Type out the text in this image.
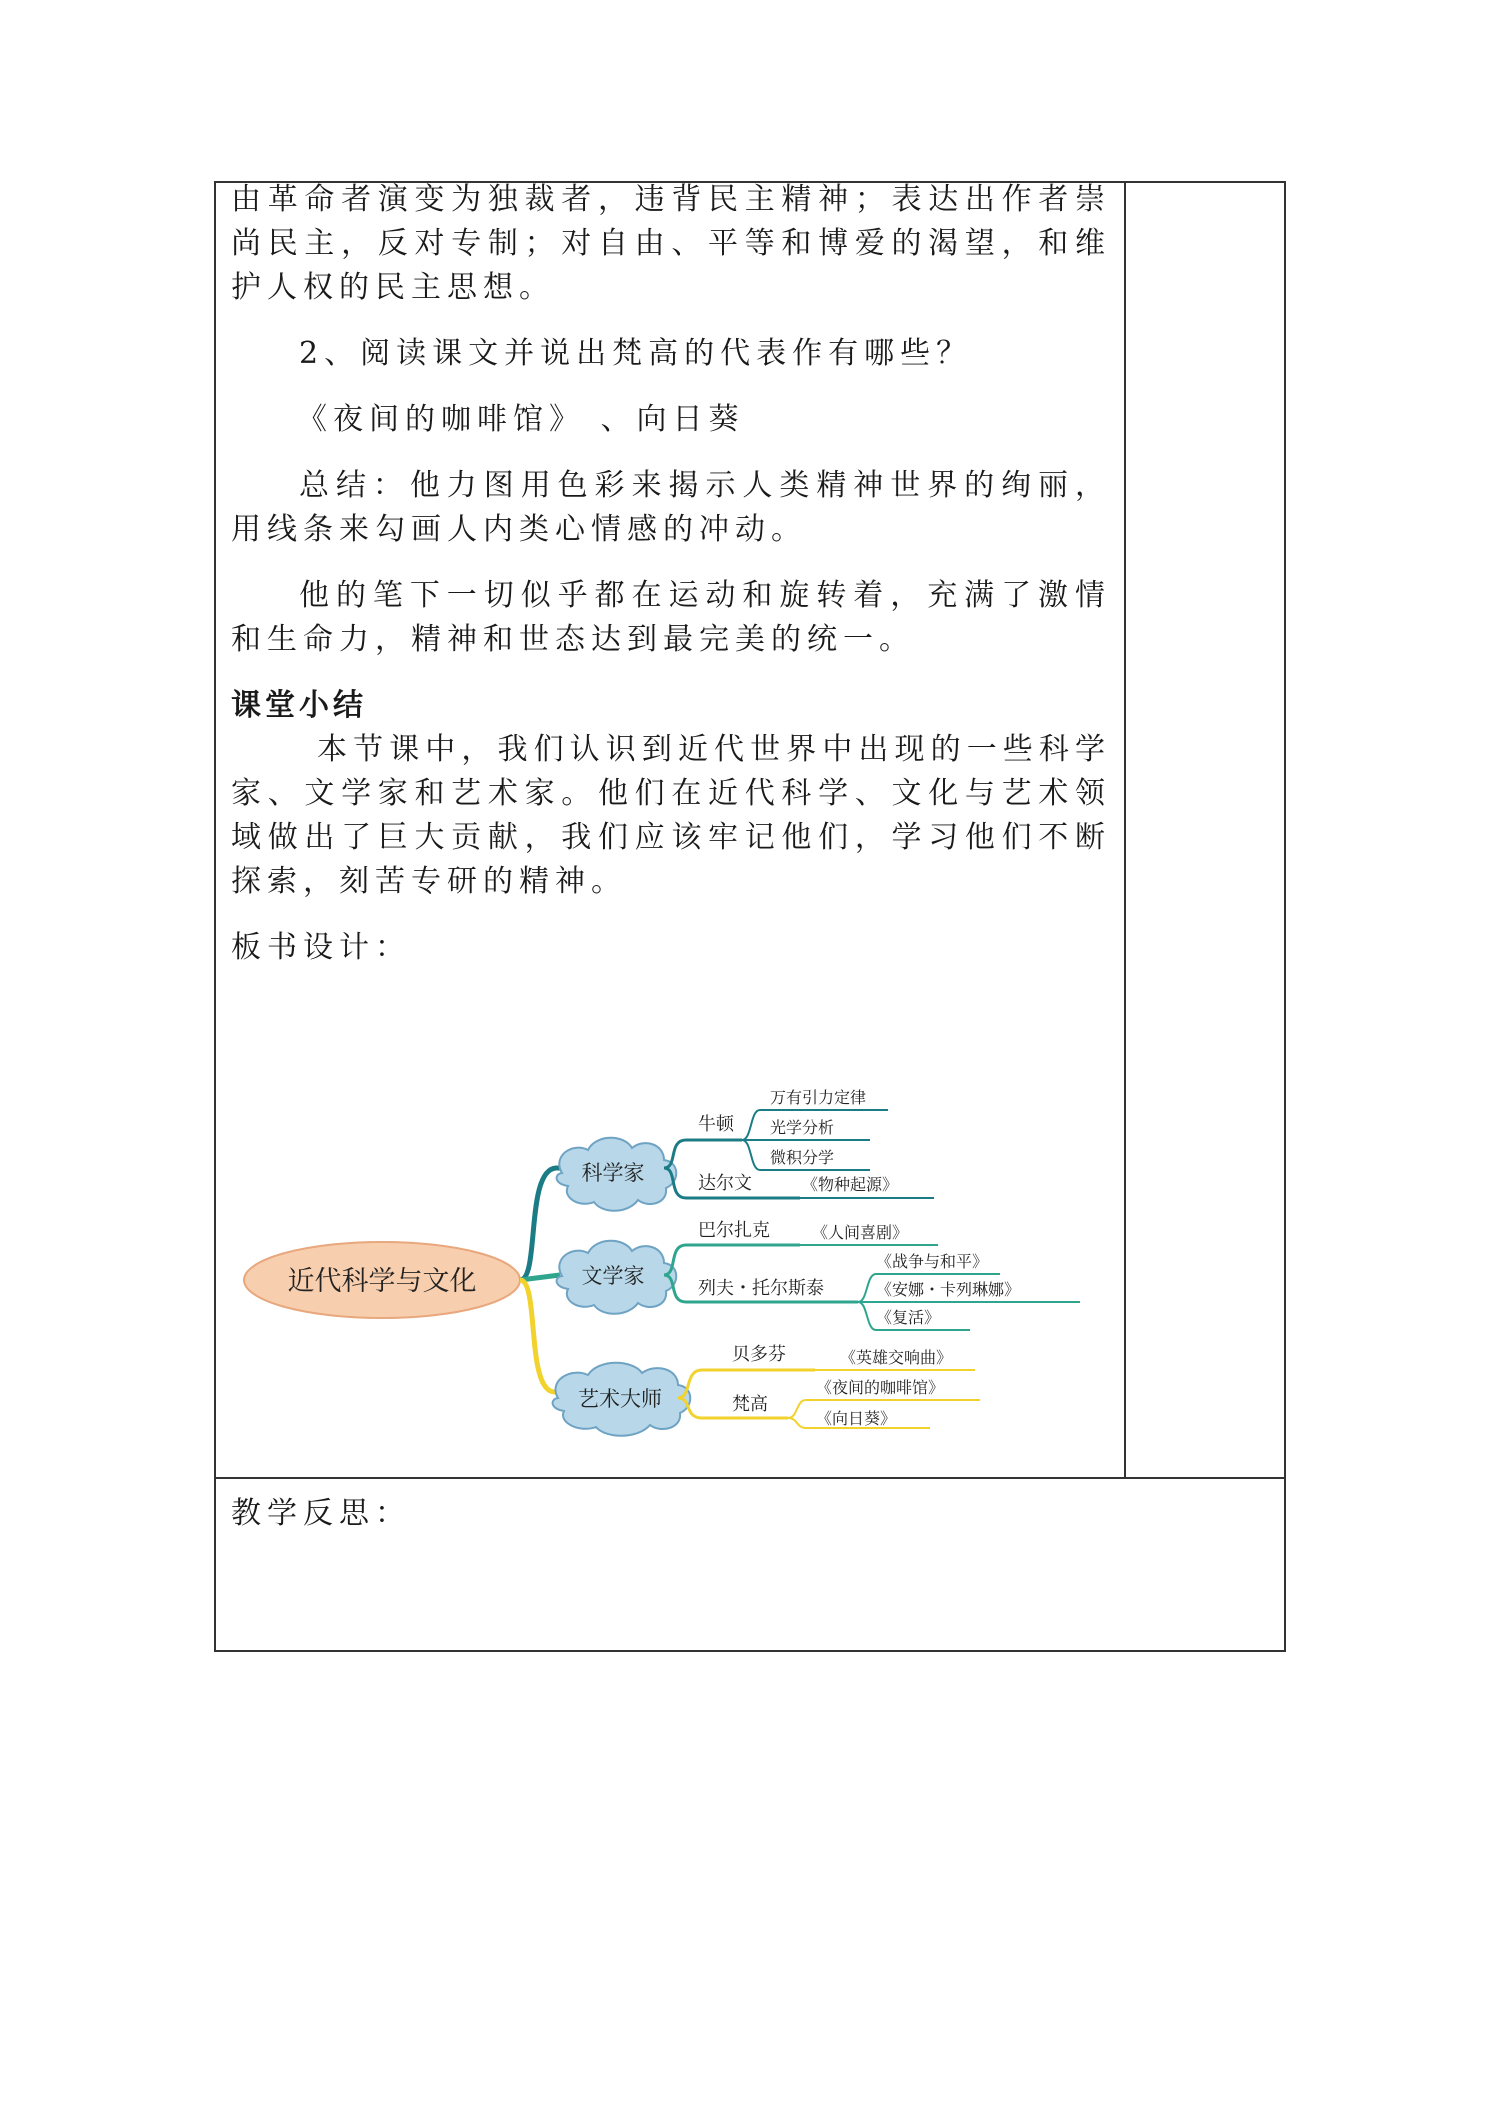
由革命者演变为独裁者，违背民主精神；表达出作者崇尚民主，反对专制；对自由、平等和博爱的渴望，和维护人权的民主思想。

2、阅读课文并说出梵高的代表作有哪些？

《夜间的咖啡馆》 、向日葵

总结：他力图用色彩来揭示人类精神世界的绚丽，用线条来勾画人内类心情感的冲动。

他的笔下一切似乎都在运动和旋转着，充满了激情和生命力，精神和世态达到最完美的统一。

课堂小结

本节课中，我们认识到近代世界中出现的一些科学家、文学家和艺术家。他们在近代科学、文化与艺术领域做出了巨大贡献，我们应该牢记他们，学习他们不断探索，刻苦专研的精神。

板书设计：

近代科学与文化
科学家
文学家
艺术大师
牛顿
达尔文
万有引力定律
光学分析
微积分学
《物种起源》
巴尔扎克
列夫・托尔斯泰
《人间喜剧》
《战争与和平》
《安娜・卡列琳娜》
《复活》
贝多芬
梵高
《英雄交响曲》
《夜间的咖啡馆》
《向日葵》
教学反思：
